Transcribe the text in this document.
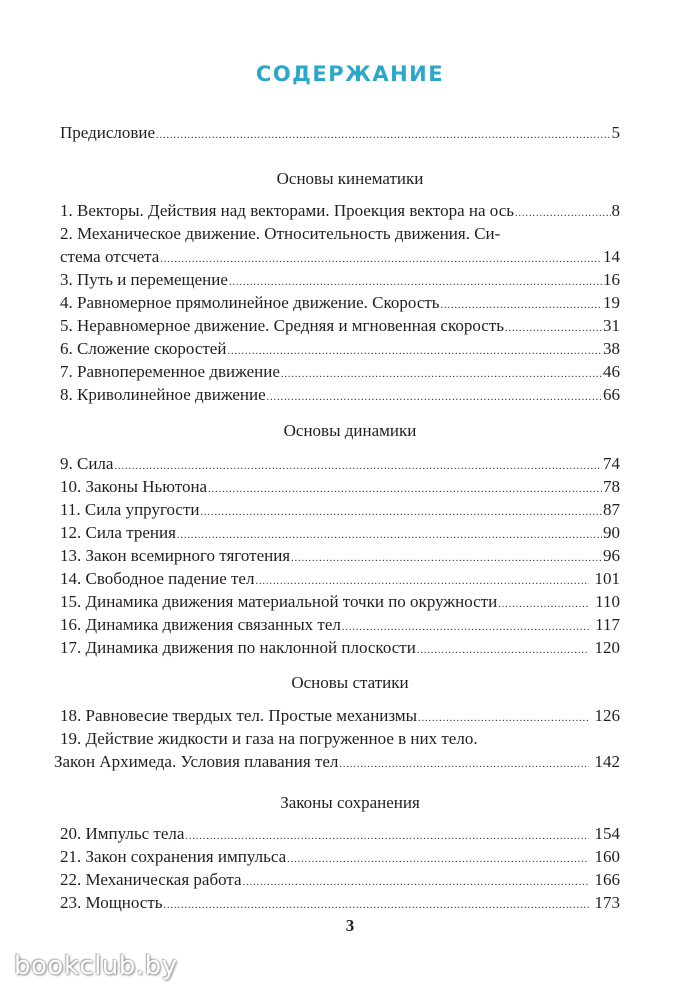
СОДЕРЖАНИЕ
Предисловие .....	5
Основы кинематики
1. Векторы. Действия над векторами. Проекция вектора на ось .....	8
2. Механическое движение. Относительность движения. Си-
стема отсчета .....	14
3. Путь и перемещение .....	16
4. Равномерное прямолинейное движение. Скорость .....	19
5. Неравномерное движение. Средняя и мгновенная скорость .....	31
6. Сложение скоростей .....	38
7. Равнопеременное движение .....	46
8. Криволинейное движение .....	66
Основы динамики
9. Сила .....	74
10. Законы Ньютона .....	78
11. Сила упругости .....	87
12. Сила трения .....	90
13. Закон всемирного тяготения .....	96
14. Свободное падение тел .....	101
15. Динамика движения материальной точки по окружности .....	110
16. Динамика движения связанных тел .....	117
17. Динамика движения по наклонной плоскости .....	120
Основы статики
18. Равновесие твердых тел. Простые механизмы .....	126
19. Действие жидкости и газа на погруженное в них тело.
Закон Архимеда. Условия плавания тел .....	142
Законы сохранения
20. Импульс тела .....	154
21. Закон сохранения импульса .....	160
22. Механическая работа .....	166
23. Мощность .....	173
3
bookclub.by
